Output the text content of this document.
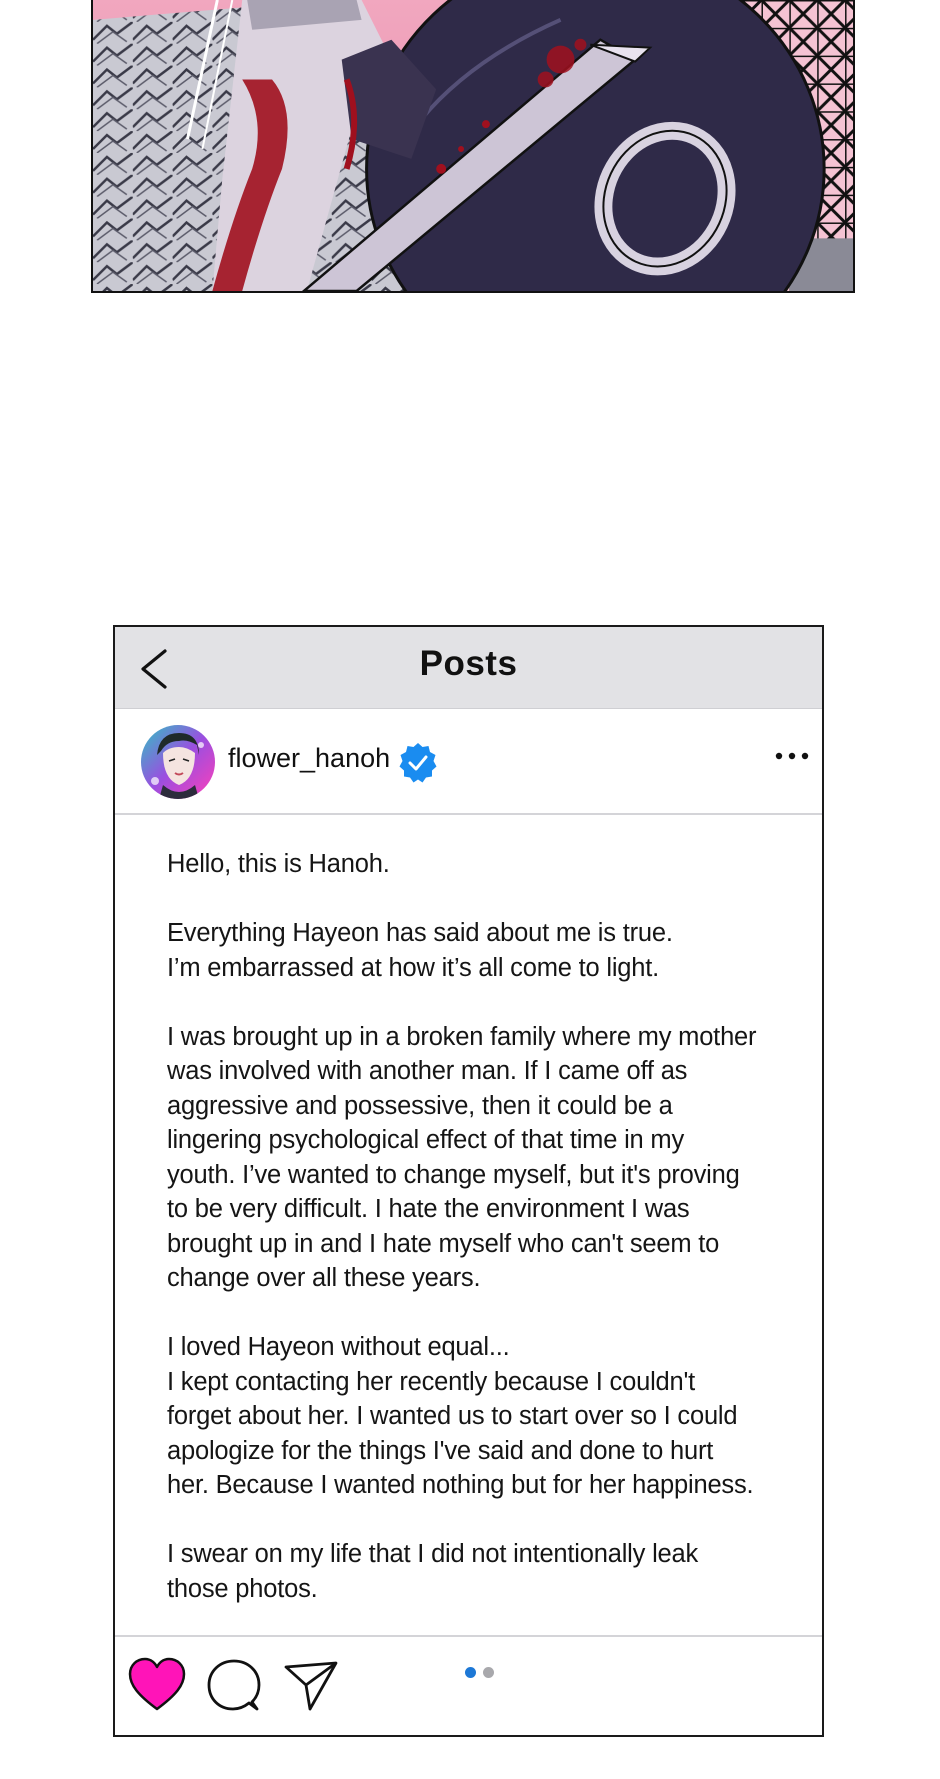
Posts
flower_hanoh

Hello, this is Hanoh.

Everything Hayeon has said about me is true.
I’m embarrassed at how it’s all come to light.

I was brought up in a broken family where my mother
was involved with another man. If I came off as
aggressive and possessive, then it could be a
lingering psychological effect of that time in my
youth. I’ve wanted to change myself, but it's proving
to be very difficult. I hate the environment I was
brought up in and I hate myself who can't seem to
change over all these years.

I loved Hayeon without equal...
I kept contacting her recently because I couldn't
forget about her. I wanted us to start over so I could
apologize for the things I've said and done to hurt
her. Because I wanted nothing but for her happiness.

I swear on my life that I did not intentionally leak
those photos.
